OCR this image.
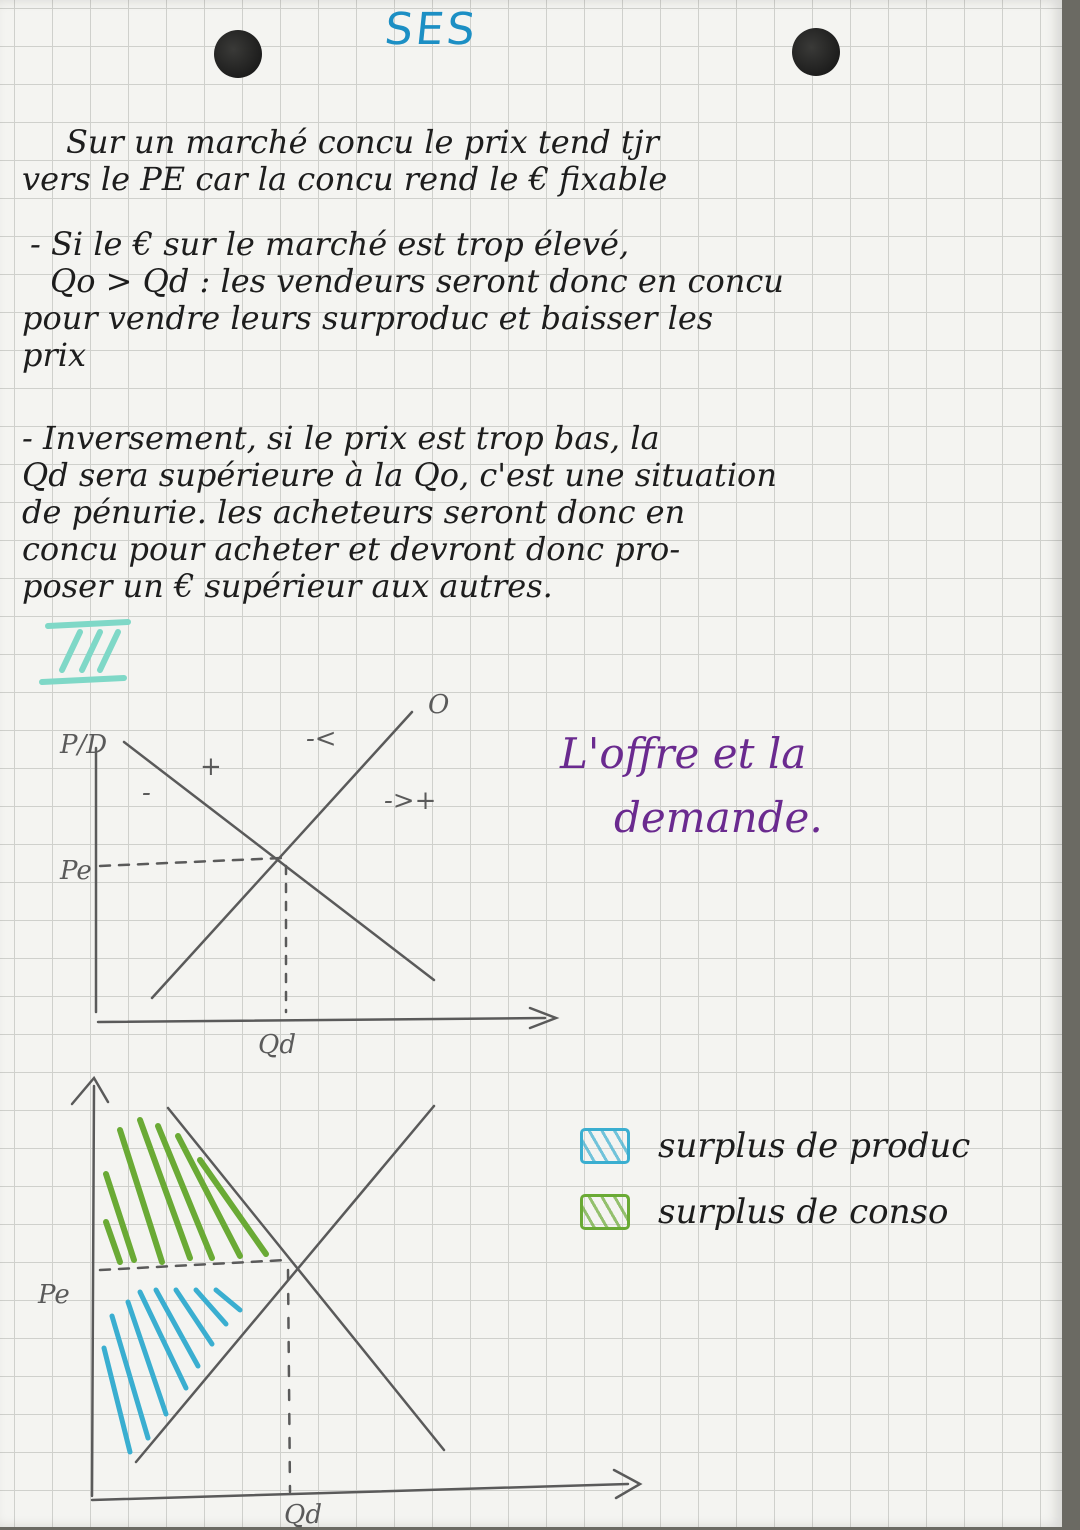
SES
Sur un marché concu le prix tend tjr
vers le PE car la concu rend le € fixable
- Si le € sur le marché est trop élevé,
Qo > Qd : les vendeurs seront donc en concu
pour vendre leurs surproduc et baisser les
prix
- Inversement, si le prix est trop bas, la
Qd sera supérieure à la Qo, c'est une situation
de pénurie. les acheteurs seront donc en
concu pour acheter et devront donc pro-
poser un € supérieur aux autres.
P/D
Pe
Qd
O
+
-
-<
->+
Pe
Qd
L'offre et la
demande.
surplus de produc
surplus de conso
